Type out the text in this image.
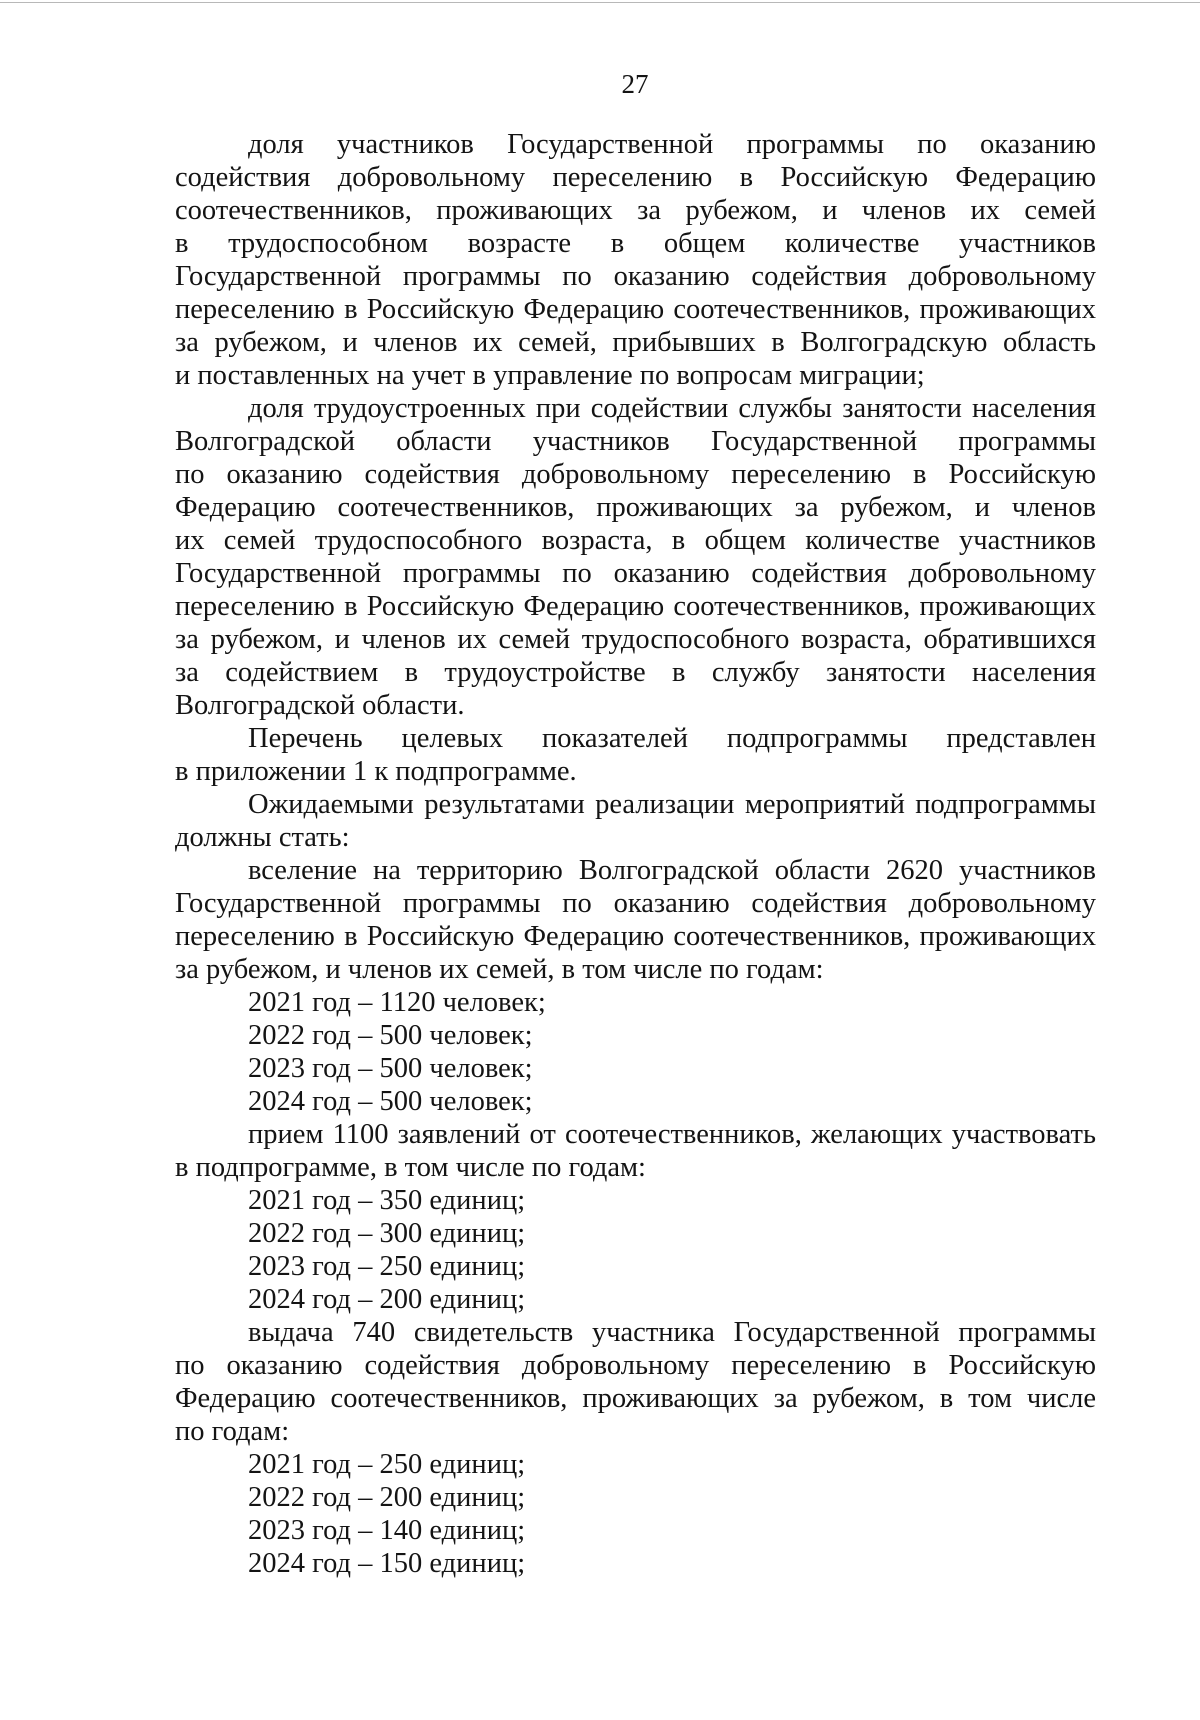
27
доля участников Государственной программы по оказанию
содействия добровольному переселению в Российскую Федерацию
соотечественников, проживающих за рубежом, и членов их семей
в трудоспособном возрасте в общем количестве участников
Государственной программы по оказанию содействия добровольному
переселению в Российскую Федерацию соотечественников, проживающих
за рубежом, и членов их семей, прибывших в Волгоградскую область
и поставленных на учет в управление по вопросам миграции;
доля трудоустроенных при содействии службы занятости населения
Волгоградской области участников Государственной программы
по оказанию содействия добровольному переселению в Российскую
Федерацию соотечественников, проживающих за рубежом, и членов
их семей трудоспособного возраста, в общем количестве участников
Государственной программы по оказанию содействия добровольному
переселению в Российскую Федерацию соотечественников, проживающих
за рубежом, и членов их семей трудоспособного возраста, обратившихся
за содействием в трудоустройстве в службу занятости населения
Волгоградской области.
Перечень целевых показателей подпрограммы представлен
в приложении 1 к подпрограмме.
Ожидаемыми результатами реализации мероприятий подпрограммы
должны стать:
вселение на территорию Волгоградской области 2620 участников
Государственной программы по оказанию содействия добровольному
переселению в Российскую Федерацию соотечественников, проживающих
за рубежом, и членов их семей, в том числе по годам:
2021 год – 1120 человек;
2022 год – 500 человек;
2023 год – 500 человек;
2024 год – 500 человек;
прием 1100 заявлений от соотечественников, желающих участвовать
в подпрограмме, в том числе по годам:
2021 год – 350 единиц;
2022 год – 300 единиц;
2023 год – 250 единиц;
2024 год – 200 единиц;
выдача 740 свидетельств участника Государственной программы
по оказанию содействия добровольному переселению в Российскую
Федерацию соотечественников, проживающих за рубежом, в том числе
по годам:
2021 год – 250 единиц;
2022 год – 200 единиц;
2023 год – 140 единиц;
2024 год – 150 единиц;
